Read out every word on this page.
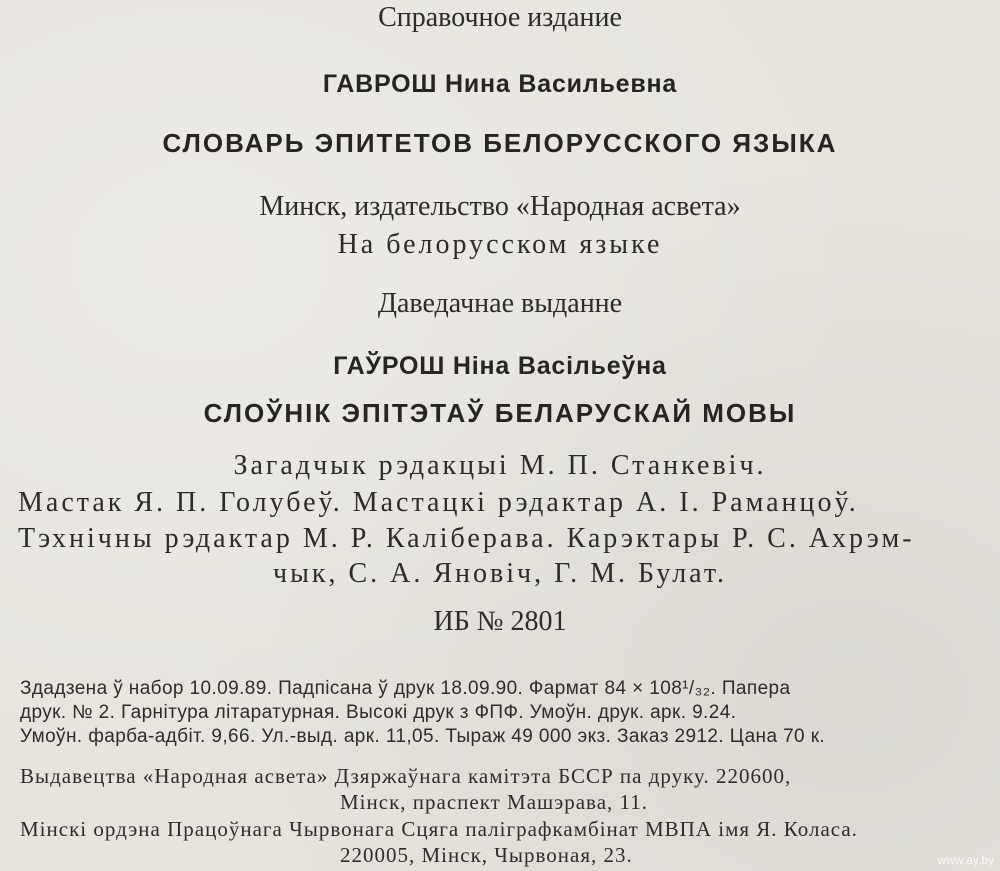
Справочное издание
ГАВРОШ Нина Васильевна
СЛОВАРЬ ЭПИТЕТОВ БЕЛОРУССКОГО ЯЗЫКА
Минск, издательство «Народная асвета»
На белорусском языке
Даведачнае выданне
ГАЎРОШ Ніна Васільеўна
СЛОЎНІК ЭПІТЭТАЎ БЕЛАРУСКАЙ МОВЫ
Загадчык рэдакцыі М. П. Станкевіч.
Мастак Я. П. Голубеў. Мастацкі рэдактар А. І. Раманцоў.
Тэхнічны рэдактар М. Р. Калiберава. Карэктары Р. С. Ахрэм-
чык, С. А. Яновіч, Г. М. Булат.
ИБ № 2801
Здадзена ў набор 10.09.89. Падпісана ў друк 18.09.90. Фармат 84 × 108¹/₃₂. Папера
друк. № 2. Гарнітура літаратурная. Высокі друк з ФПФ. Умоўн. друк. арк. 9.24.
Умоўн. фарба-адбіт. 9,66. Ул.-выд. арк. 11,05. Тыраж 49 000 экз. Заказ 2912. Цана 70 к.
Выдавецтва «Народная асвета» Дзяржаўнага камітэта БССР па друку. 220600,
Мінск, праспект Машэрава, 11.
Мінскі ордэна Працоўнага Чырвонага Сцяга паліграфкамбінат МВПА імя Я. Коласа.
220005, Мінск, Чырвоная, 23.	www.ay.by
